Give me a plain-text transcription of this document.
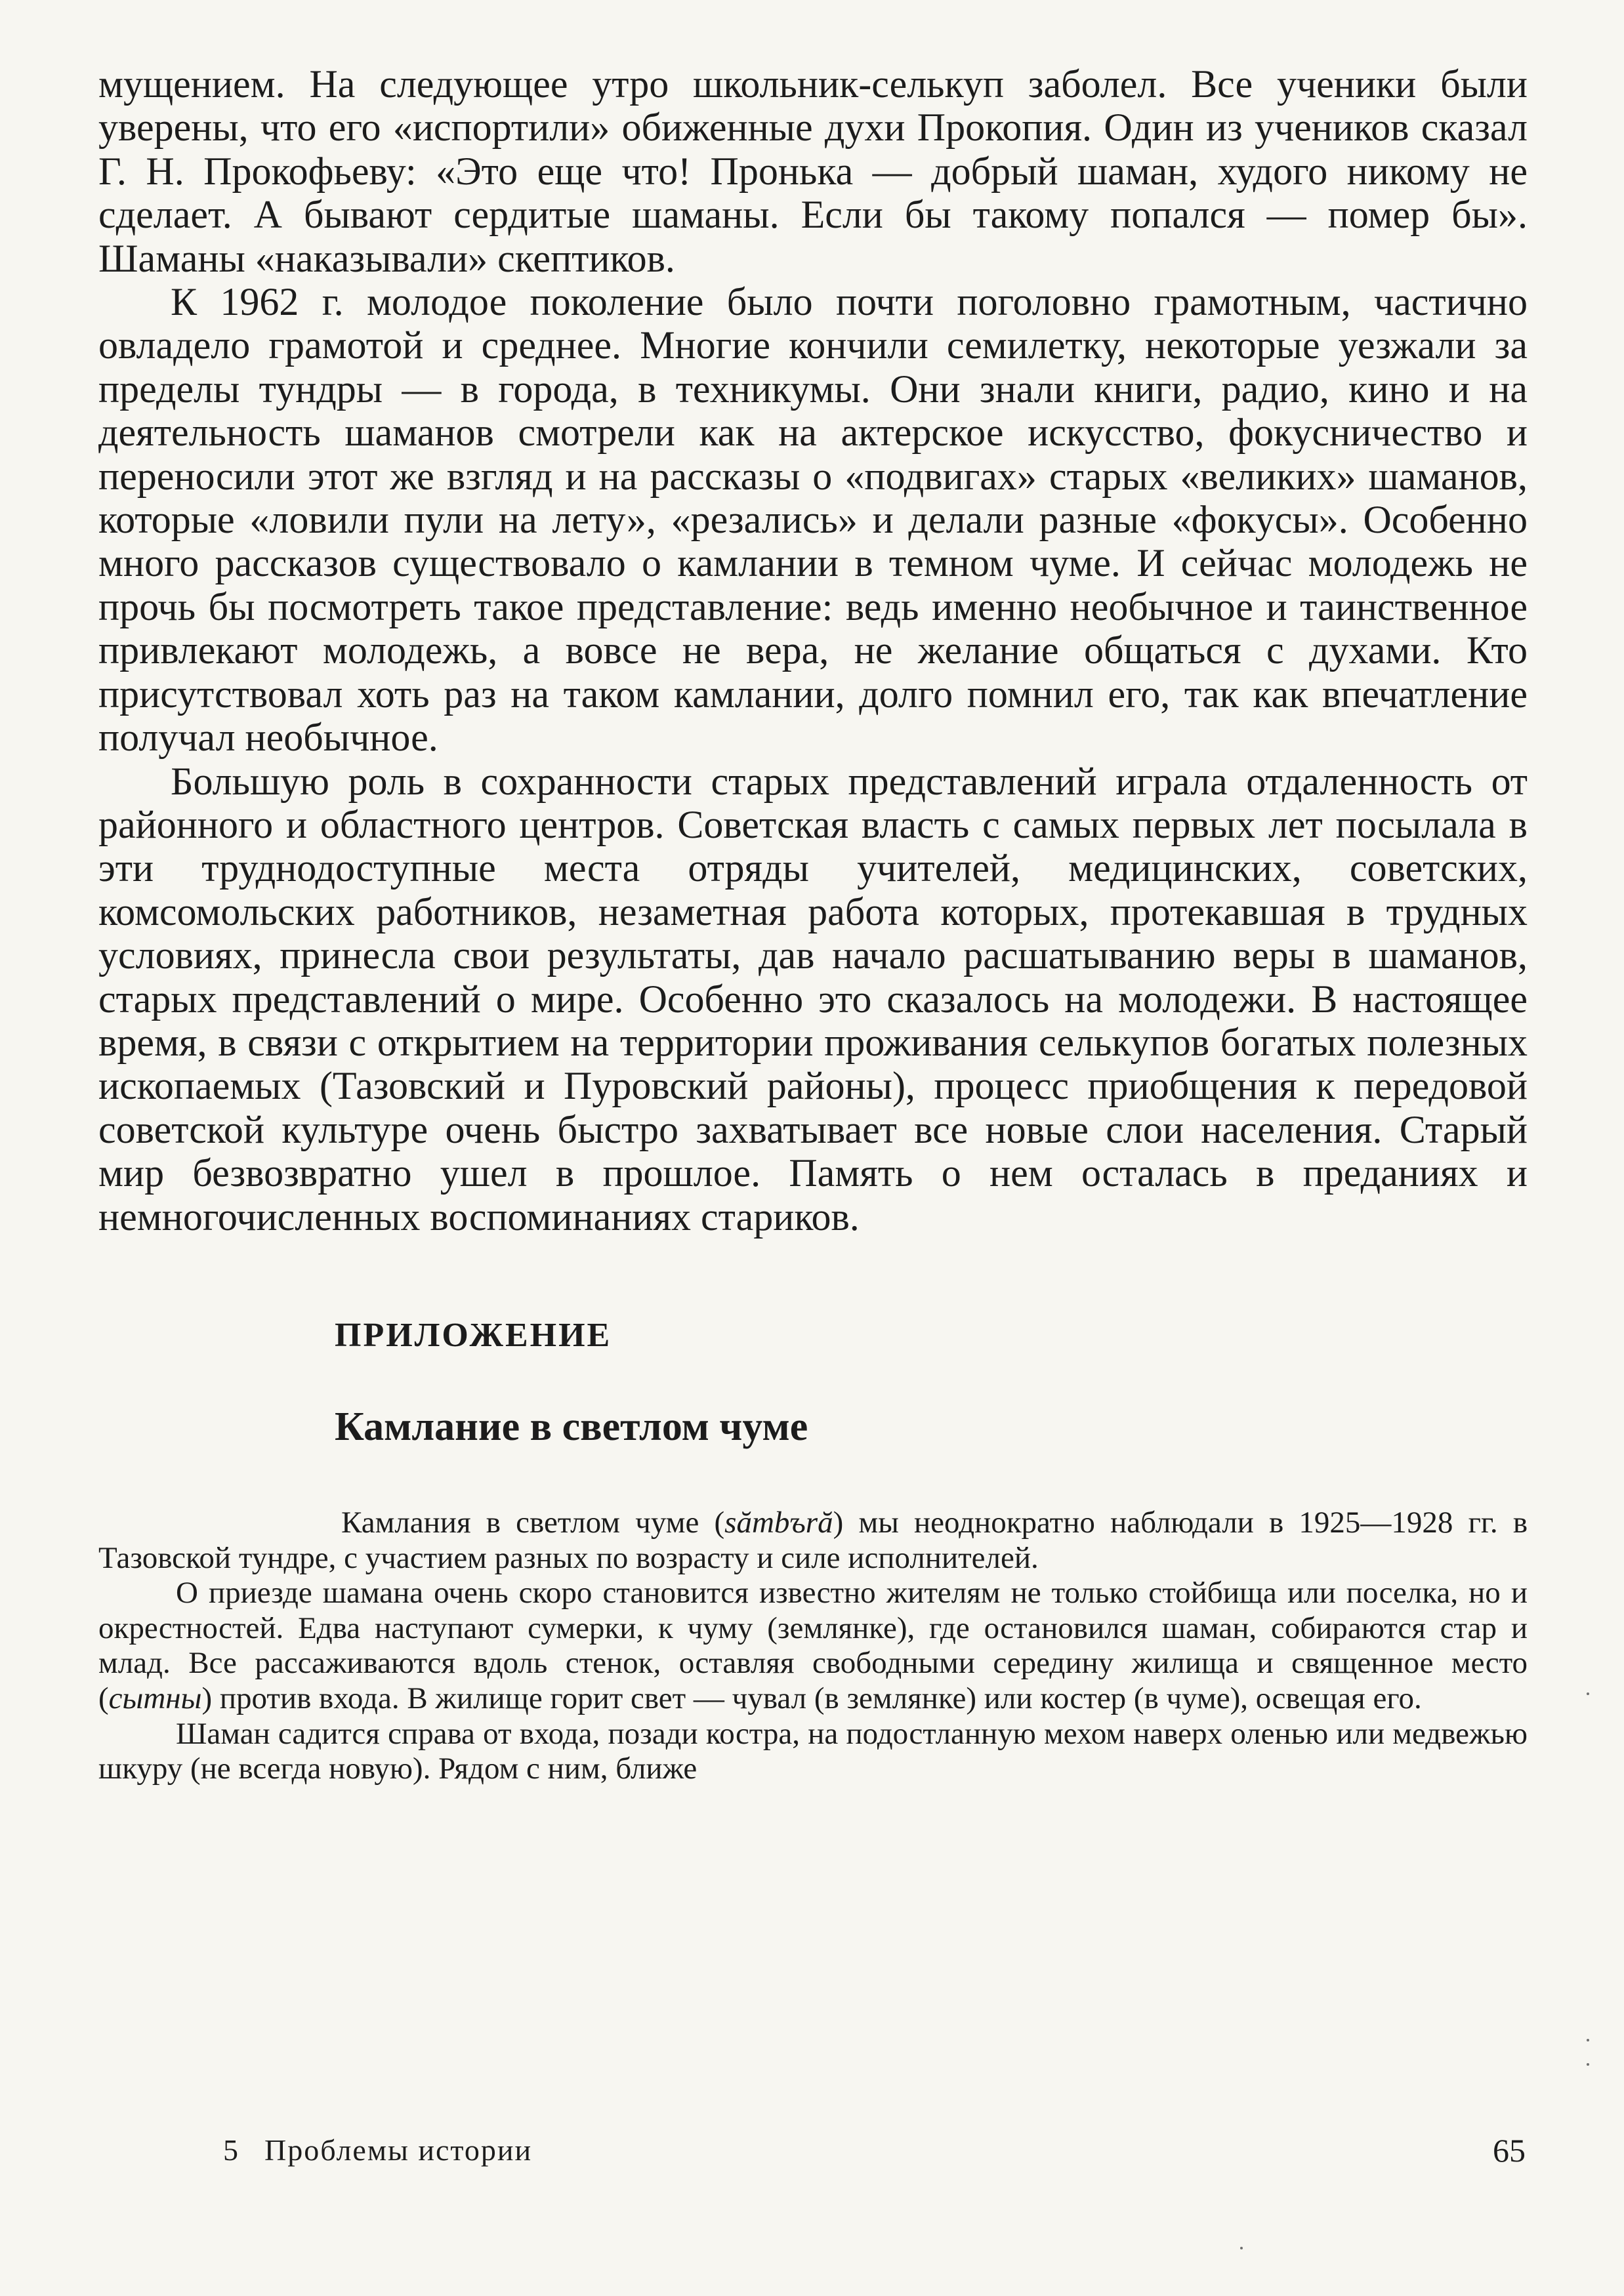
мущением. На следующее утро школьник-селькуп заболел. Все ученики были уверены, что его «испортили» обиженные духи Прокопия. Один из учеников сказал Г. Н. Прокофьеву: «Это еще что! Пронька — добрый шаман, худого никому не сделает. А бывают сердитые шаманы. Если бы такому попался — помер бы». Шаманы «наказывали» скептиков.

К 1962 г. молодое поколение было почти поголовно грамотным, частично овладело грамотой и среднее. Многие кончили семилетку, некоторые уезжали за пределы тундры — в города, в техникумы. Они знали книги, радио, кино и на деятельность шаманов смотрели как на актерское искусство, фокусничество и переносили этот же взгляд и на рассказы о «подвигах» старых «великих» шаманов, которые «ловили пули на лету», «резались» и делали разные «фокусы». Особенно много рассказов существовало о камлании в темном чуме. И сейчас молодежь не прочь бы посмотреть такое представление: ведь именно необычное и таинственное привлекают молодежь, а вовсе не вера, не желание общаться с духами. Кто присутствовал хоть раз на таком камлании, долго помнил его, так как впечатление получал необычное.

Большую роль в сохранности старых представлений играла отдаленность от районного и областного центров. Советская власть с самых первых лет посылала в эти труднодоступные места отряды учителей, медицинских, советских, комсомольских работников, незаметная работа которых, протекавшая в трудных условиях, принесла свои результаты, дав начало расшатыванию веры в шаманов, старых представлений о мире. Особенно это сказалось на молодежи. В настоящее время, в связи с открытием на территории проживания селькупов богатых полезных ископаемых (Тазовский и Пуровский районы), процесс приобщения к передовой советской культуре очень быстро захватывает все новые слои населения. Старый мир безвозвратно ушел в прошлое. Память о нем осталась в преданиях и немногочисленных воспоминаниях стариков.

ПРИЛОЖЕНИЕ
Камлание в светлом чуме

Камлания в светлом чуме (sămbъră) мы неоднократно наблюдали в 1925—1928 гг. в Тазовской тундре, с участием разных по возрасту и силе исполнителей.

О приезде шамана очень скоро становится известно жителям не только стойбища или поселка, но и окрестностей. Едва наступают сумерки, к чуму (землянке), где остановился шаман, собираются стар и млад. Все рассаживаются вдоль стенок, оставляя свободными середину жилища и священное место (сытны) против входа. В жилище горит свет — чувал (в землянке) или костер (в чуме), освещая его.

Шаман садится справа от входа, позади костра, на подостланную мехом наверх оленью или медвежью шкуру (не всегда новую). Рядом с ним, ближе

5 Проблемы истории	65
